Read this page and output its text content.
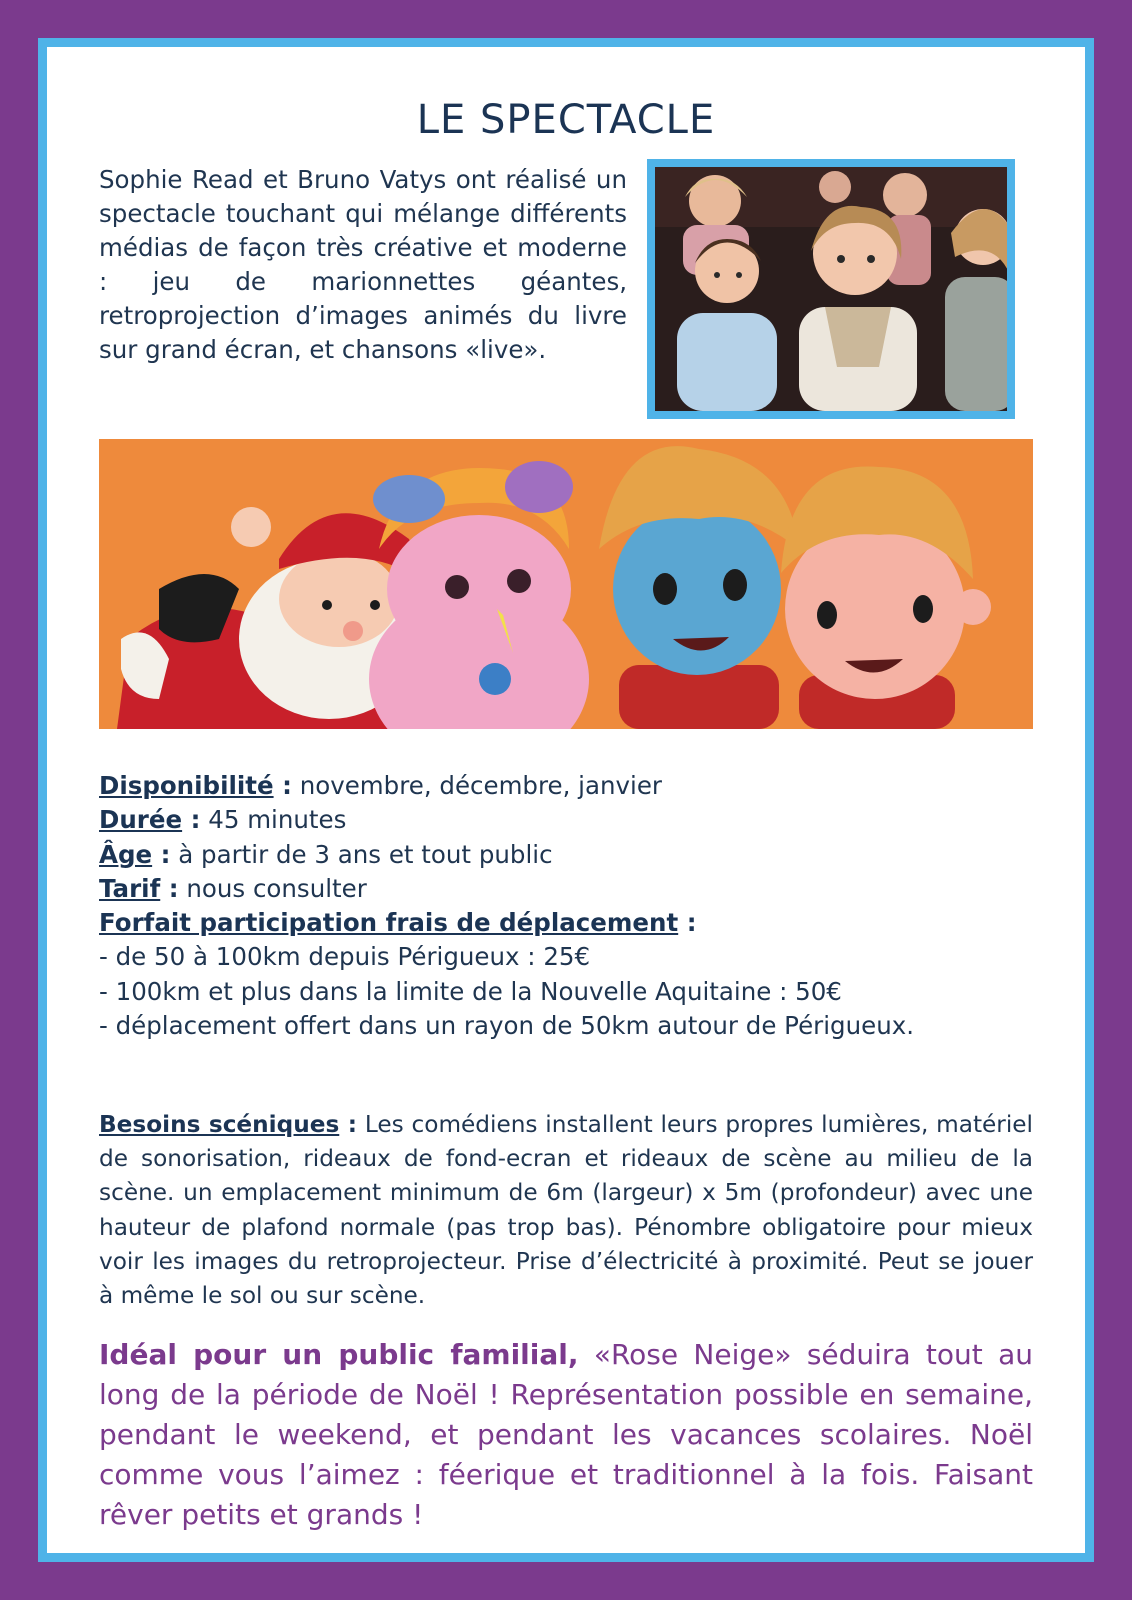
LE SPECTACLE

Sophie Read et Bruno Vatys ont réalisé un spectacle touchant qui mélange différents médias de façon très créative et moderne : jeu de marionnettes géantes, retroprojection d’images animés du livre sur grand écran, et chansons «live».

Disponibilité : novembre, décembre, janvier
Durée : 45 minutes
Âge : à partir de 3 ans et tout public
Tarif : nous consulter
Forfait participation frais de déplacement :
- de 50 à 100km depuis Périgueux : 25€
- 100km et plus dans la limite de la Nouvelle Aquitaine : 50€
- déplacement offert dans un rayon de 50km autour de Périgueux.

Besoins scéniques : Les comédiens installent leurs propres lumières, matériel de sonorisation, rideaux de fond-ecran et rideaux de scène au milieu de la scène. un emplacement minimum de 6m (largeur) x 5m (profondeur) avec une hauteur de plafond normale (pas trop bas). Pénombre obligatoire pour mieux voir les images du retroprojecteur. Prise d’électricité à proximité. Peut se jouer à même le sol ou sur scène.

Idéal pour un public familial, «Rose Neige» séduira tout au long de la période de Noël ! Représentation possible en semaine, pendant le weekend, et pendant les vacances scolaires. Noël comme vous l’aimez : féerique et traditionnel à la fois. Faisant rêver petits et grands !
